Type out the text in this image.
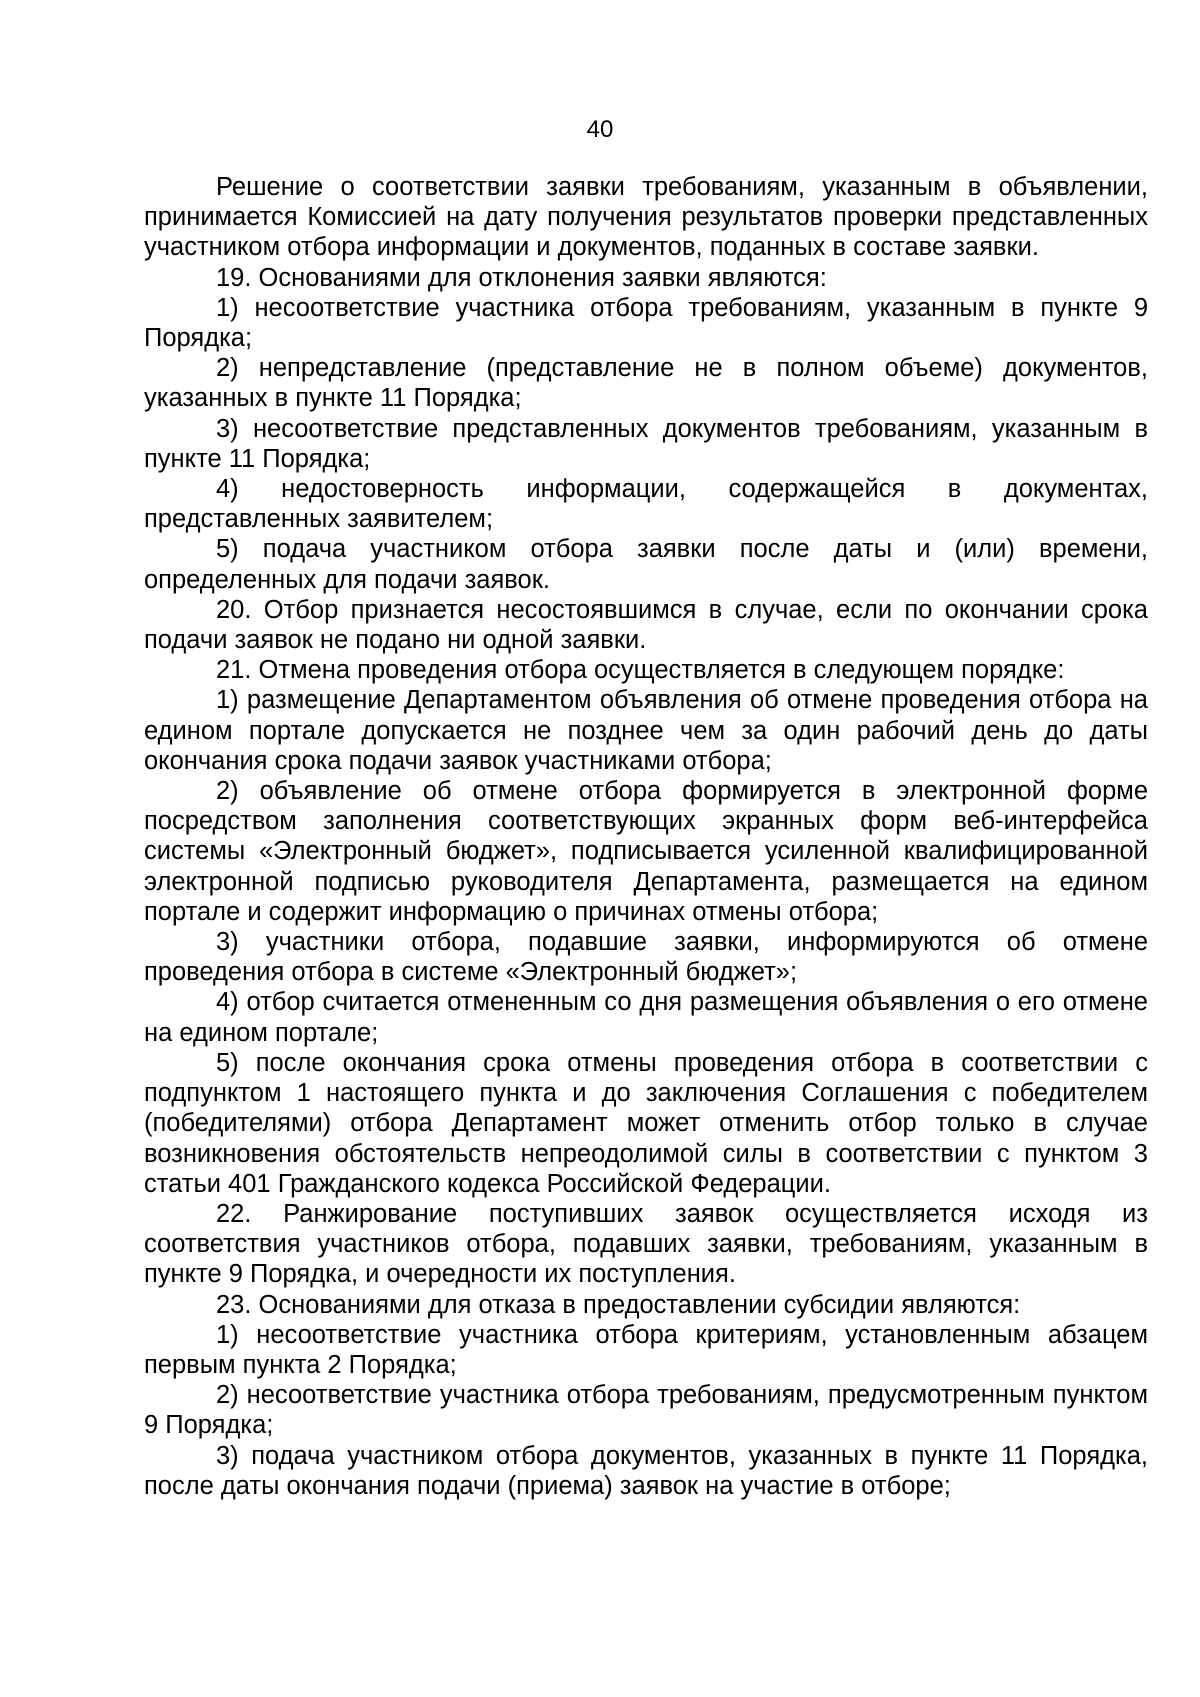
40

Решение о соответствии заявки требованиям, указанным в объявлении, принимается Комиссией на дату получения результатов проверки представленных участником отбора информации и документов, поданных в составе заявки.

19. Основаниями для отклонения заявки являются:

1) несоответствие участника отбора требованиям, указанным в пункте 9 Порядка;

2) непредставление (представление не в полном объеме) документов, указанных в пункте 11 Порядка;

3) несоответствие представленных документов требованиям, указанным в пункте 11 Порядка;

4) недостоверность информации, содержащейся в документах, представленных заявителем;

5) подача участником отбора заявки после даты и (или) времени, определенных для подачи заявок.

20. Отбор признается несостоявшимся в случае, если по окончании срока подачи заявок не подано ни одной заявки.

21. Отмена проведения отбора осуществляется в следующем порядке:

1) размещение Департаментом объявления об отмене проведения отбора на едином портале допускается не позднее чем за один рабочий день до даты окончания срока подачи заявок участниками отбора;

2) объявление об отмене отбора формируется в электронной форме посредством заполнения соответствующих экранных форм веб-интерфейса системы «Электронный бюджет», подписывается усиленной квалифицированной электронной подписью руководителя Департамента, размещается на едином портале и содержит информацию о причинах отмены отбора;

3) участники отбора, подавшие заявки, информируются об отмене проведения отбора в системе «Электронный бюджет»;

4) отбор считается отмененным со дня размещения объявления о его отмене на едином портале;

5) после окончания срока отмены проведения отбора в соответствии с подпунктом 1 настоящего пункта и до заключения Соглашения с победителем (победителями) отбора Департамент может отменить отбор только в случае возникновения обстоятельств непреодолимой силы в соответствии с пунктом 3 статьи 401 Гражданского кодекса Российской Федерации.

22. Ранжирование поступивших заявок осуществляется исходя из соответствия участников отбора, подавших заявки, требованиям, указанным в пункте 9 Порядка, и очередности их поступления.

23. Основаниями для отказа в предоставлении субсидии являются:

1) несоответствие участника отбора критериям, установленным абзацем первым пункта 2 Порядка;

2) несоответствие участника отбора требованиям, предусмотренным пунктом 9 Порядка;

3) подача участником отбора документов, указанных в пункте 11 Порядка, после даты окончания подачи (приема) заявок на участие в отборе;
